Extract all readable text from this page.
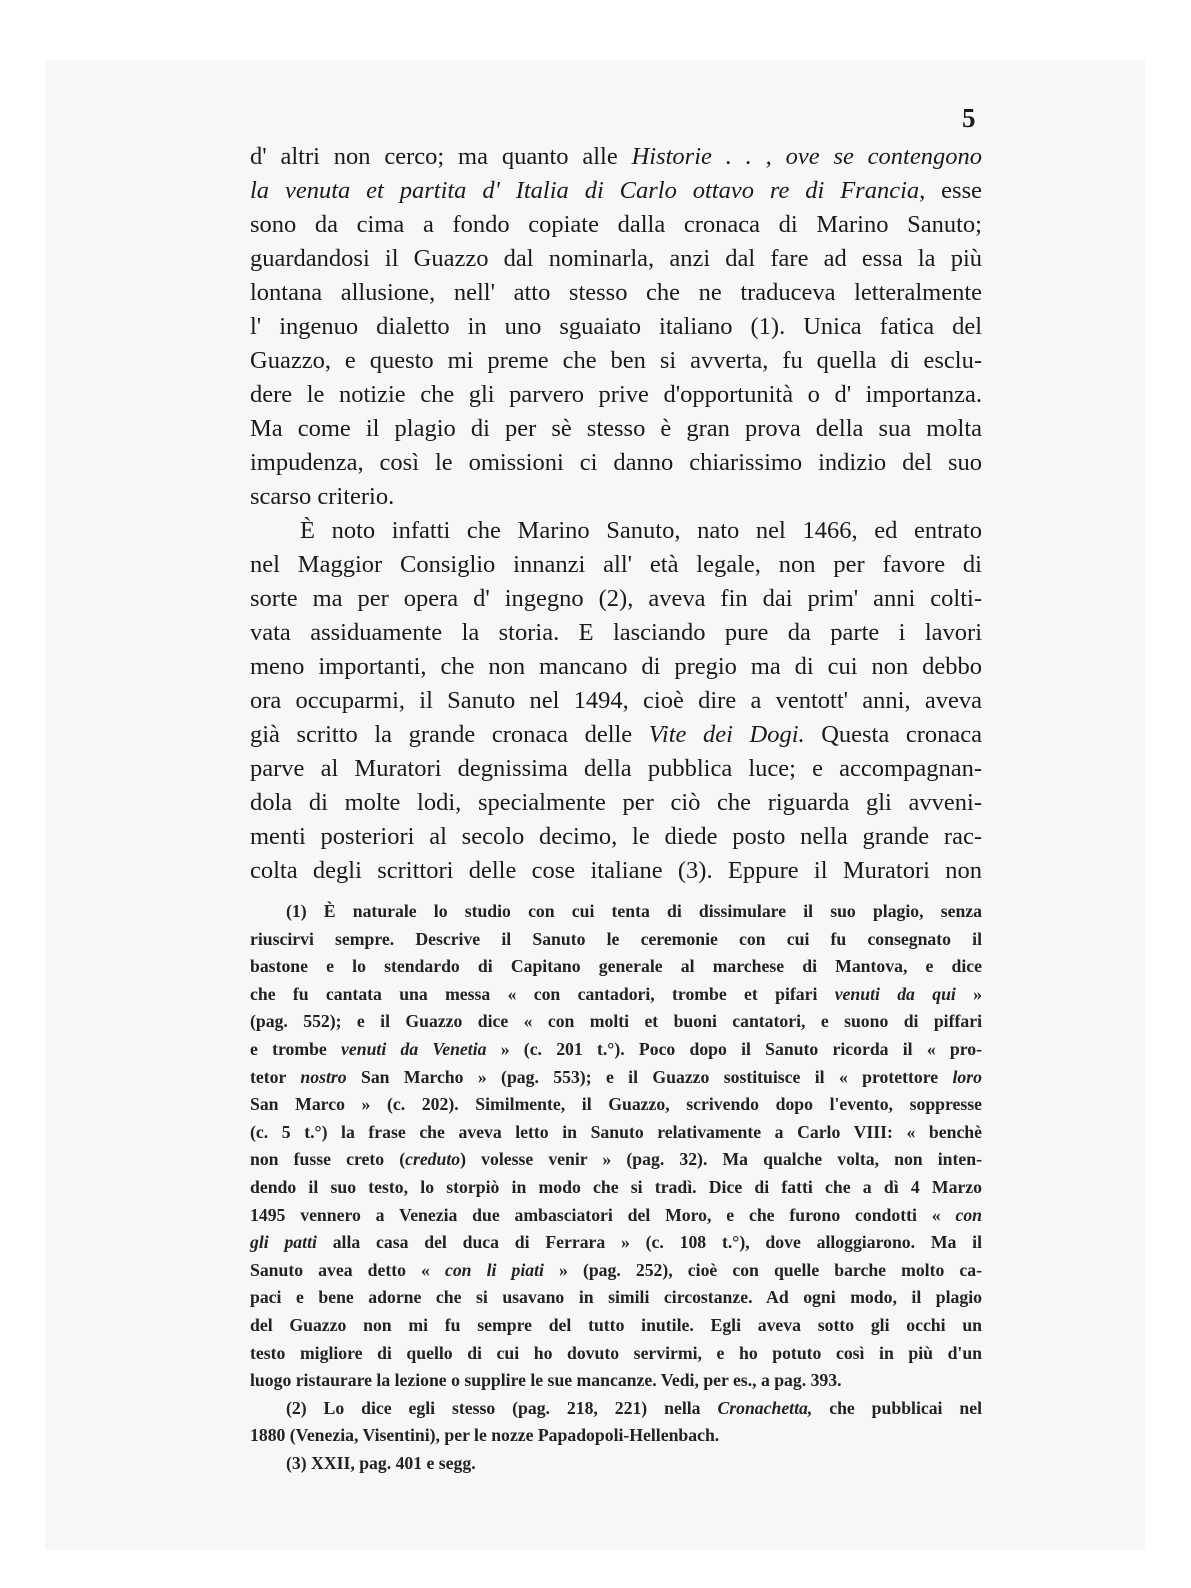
5
d' altri non cerco; ma quanto alle Historie . . , ove se contengono
la venuta et partita d' Italia di Carlo ottavo re di Francia, esse
sono da cima a fondo copiate dalla cronaca di Marino Sanuto;
guardandosi il Guazzo dal nominarla, anzi dal fare ad essa la più
lontana allusione, nell' atto stesso che ne traduceva letteralmente
l' ingenuo dialetto in uno sguaiato italiano (1). Unica fatica del
Guazzo, e questo mi preme che ben si avverta, fu quella di esclu-
dere le notizie che gli parvero prive d'opportunità o d' importanza.
Ma come il plagio di per sè stesso è gran prova della sua molta
impudenza, così le omissioni ci danno chiarissimo indizio del suo
scarso criterio.
È noto infatti che Marino Sanuto, nato nel 1466, ed entrato
nel Maggior Consiglio innanzi all' età legale, non per favore di
sorte ma per opera d' ingegno (2), aveva fin dai prim' anni colti-
vata assiduamente la storia. E lasciando pure da parte i lavori
meno importanti, che non mancano di pregio ma di cui non debbo
ora occuparmi, il Sanuto nel 1494, cioè dire a ventott' anni, aveva
già scritto la grande cronaca delle Vite dei Dogi. Questa cronaca
parve al Muratori degnissima della pubblica luce; e accompagnan-
dola di molte lodi, specialmente per ciò che riguarda gli avveni-
menti posteriori al secolo decimo, le diede posto nella grande rac-
colta degli scrittori delle cose italiane (3). Eppure il Muratori non
(1) È naturale lo studio con cui tenta di dissimulare il suo plagio, senza
riuscirvi sempre. Descrive il Sanuto le ceremonie con cui fu consegnato il
bastone e lo stendardo di Capitano generale al marchese di Mantova, e dice
che fu cantata una messa « con cantadori, trombe et pifari venuti da qui »
(pag. 552); e il Guazzo dice « con molti et buoni cantatori, e suono di piffari
e trombe venuti da Venetia » (c. 201 t.°). Poco dopo il Sanuto ricorda il « pro-
tetor nostro San Marcho » (pag. 553); e il Guazzo sostituisce il « protettore loro
San Marco » (c. 202). Similmente, il Guazzo, scrivendo dopo l'evento, soppresse
(c. 5 t.°) la frase che aveva letto in Sanuto relativamente a Carlo VIII: « benchè
non fusse creto (creduto) volesse venir » (pag. 32). Ma qualche volta, non inten-
dendo il suo testo, lo storpiò in modo che si tradì. Dice di fatti che a dì 4 Marzo
1495 vennero a Venezia due ambasciatori del Moro, e che furono condotti « con
gli patti alla casa del duca di Ferrara » (c. 108 t.°), dove alloggiarono. Ma il
Sanuto avea detto « con li piati » (pag. 252), cioè con quelle barche molto ca-
paci e bene adorne che si usavano in simili circostanze. Ad ogni modo, il plagio
del Guazzo non mi fu sempre del tutto inutile. Egli aveva sotto gli occhi un
testo migliore di quello di cui ho dovuto servirmi, e ho potuto così in più d'un
luogo ristaurare la lezione o supplire le sue mancanze. Vedi, per es., a pag. 393.
(2) Lo dice egli stesso (pag. 218, 221) nella Cronachetta, che pubblicai nel
1880 (Venezia, Visentini), per le nozze Papadopoli-Hellenbach.
(3) XXII, pag. 401 e segg.
